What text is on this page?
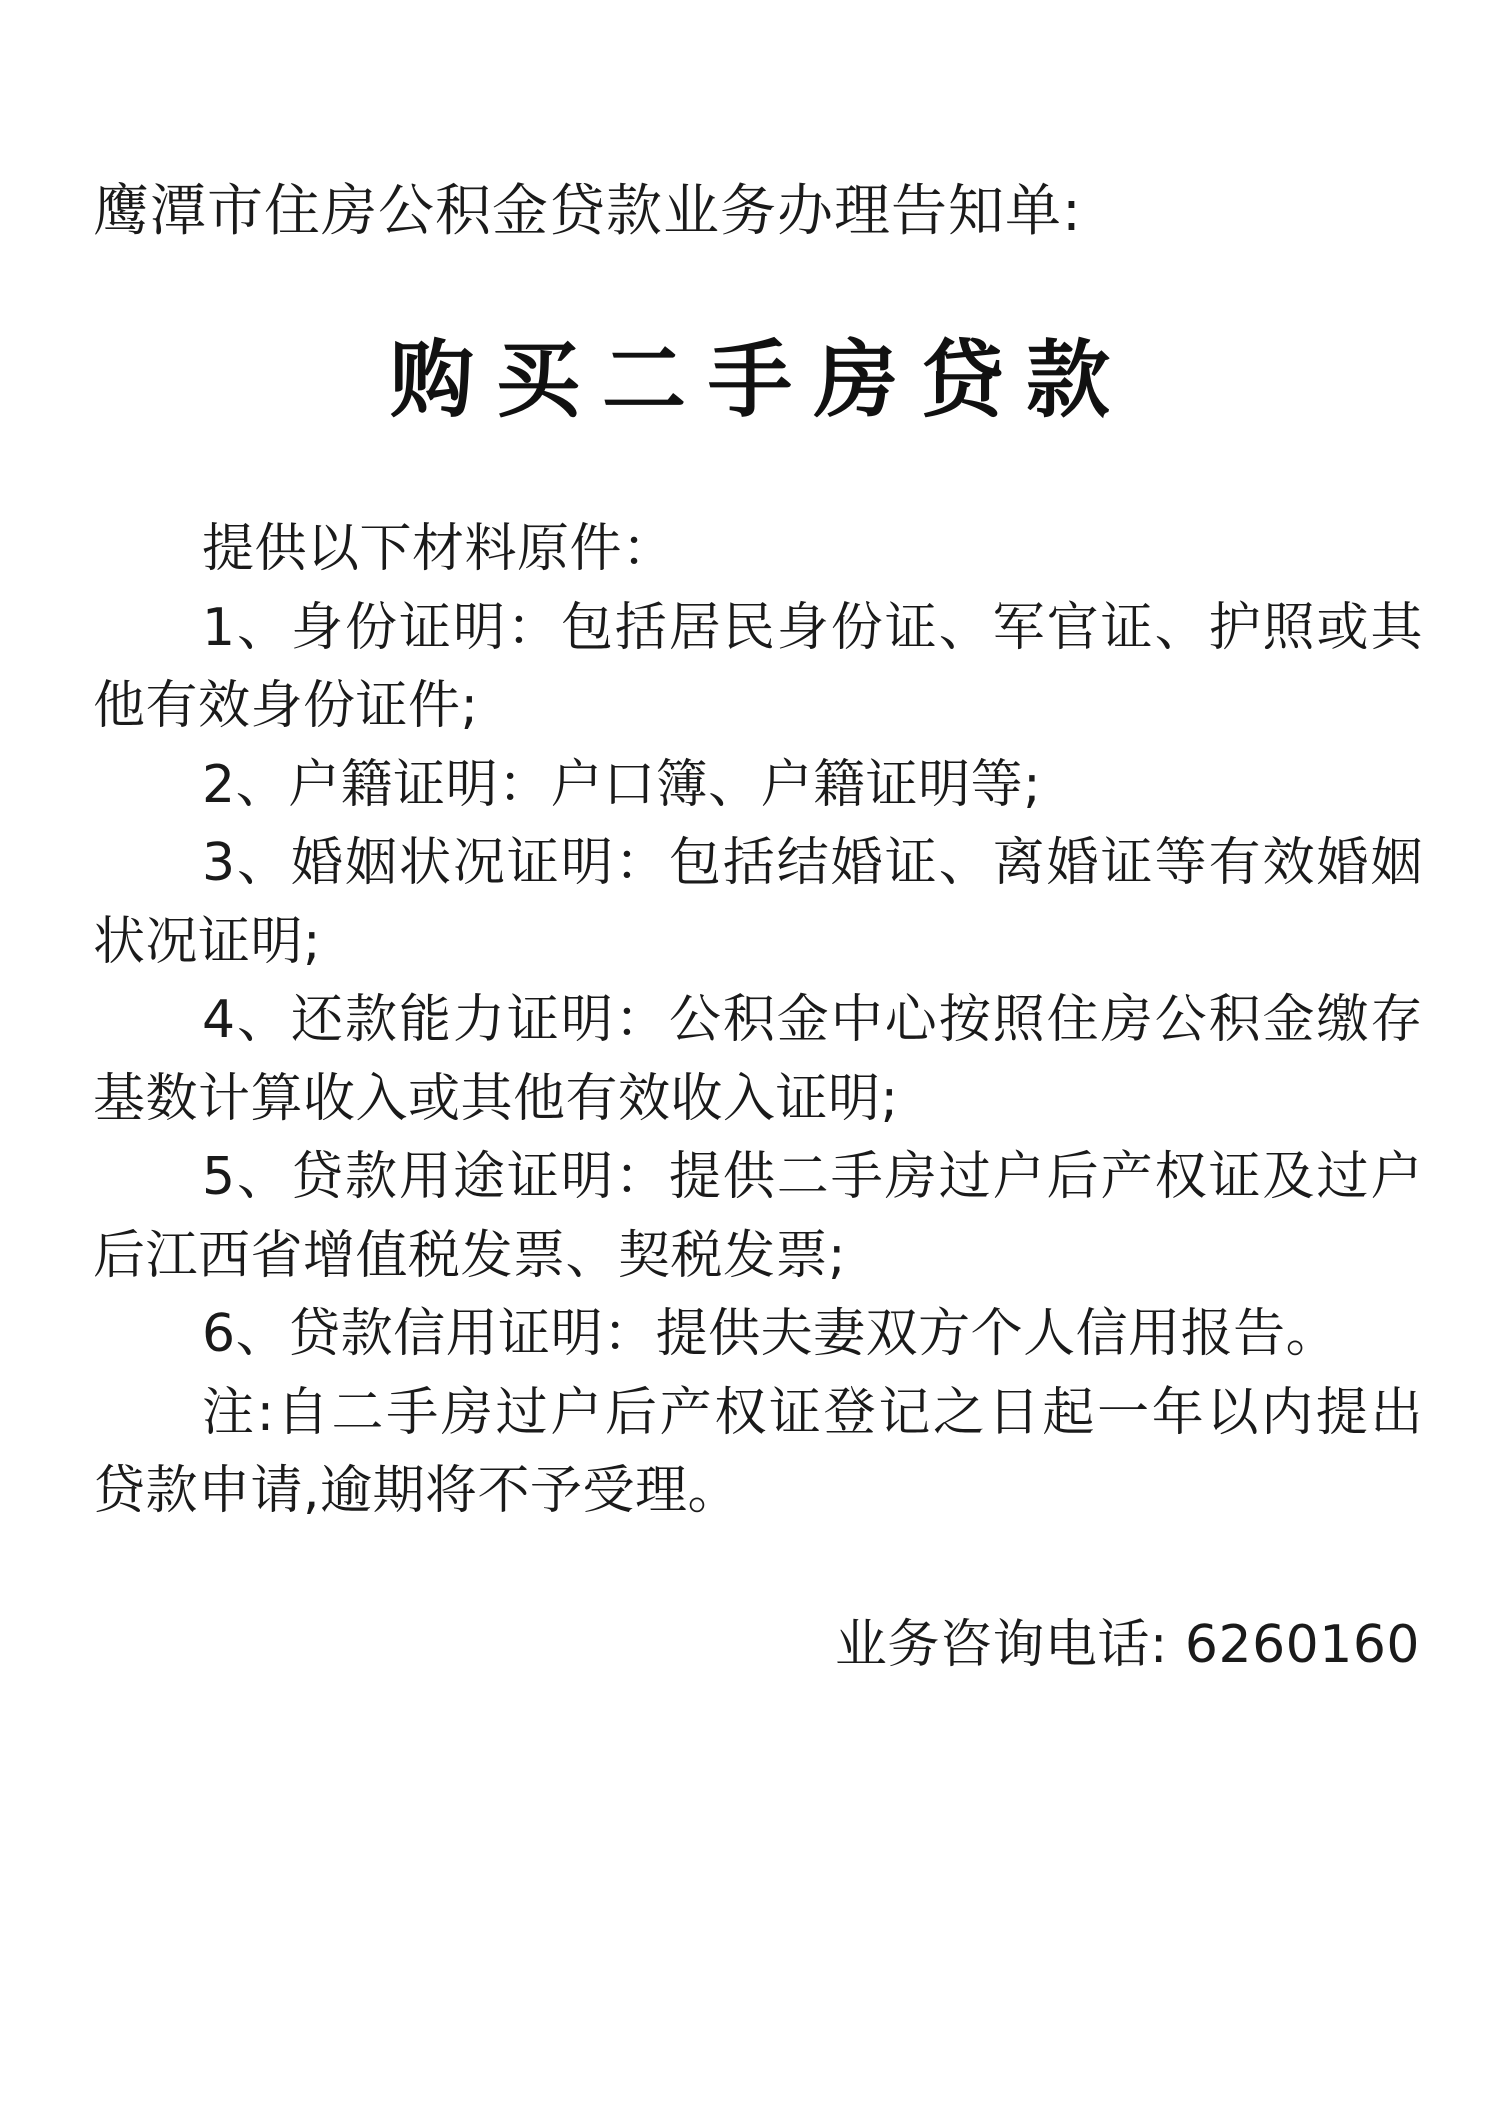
鹰潭市住房公积金贷款业务办理告知单:
购买二手房贷款

提供以下材料原件：

1、身份证明：包括居民身份证、军官证、护照或其他有效身份证件;

2、户籍证明：户口簿、户籍证明等;

3、婚姻状况证明：包括结婚证、离婚证等有效婚姻状况证明;

4、还款能力证明：公积金中心按照住房公积金缴存基数计算收入或其他有效收入证明;

5、贷款用途证明：提供二手房过户后产权证及过户后江西省增值税发票、契税发票;

6、贷款信用证明：提供夫妻双方个人信用报告。

注:自二手房过户后产权证登记之日起一年以内提出贷款申请,逾期将不予受理。

业务咨询电话: 6260160
